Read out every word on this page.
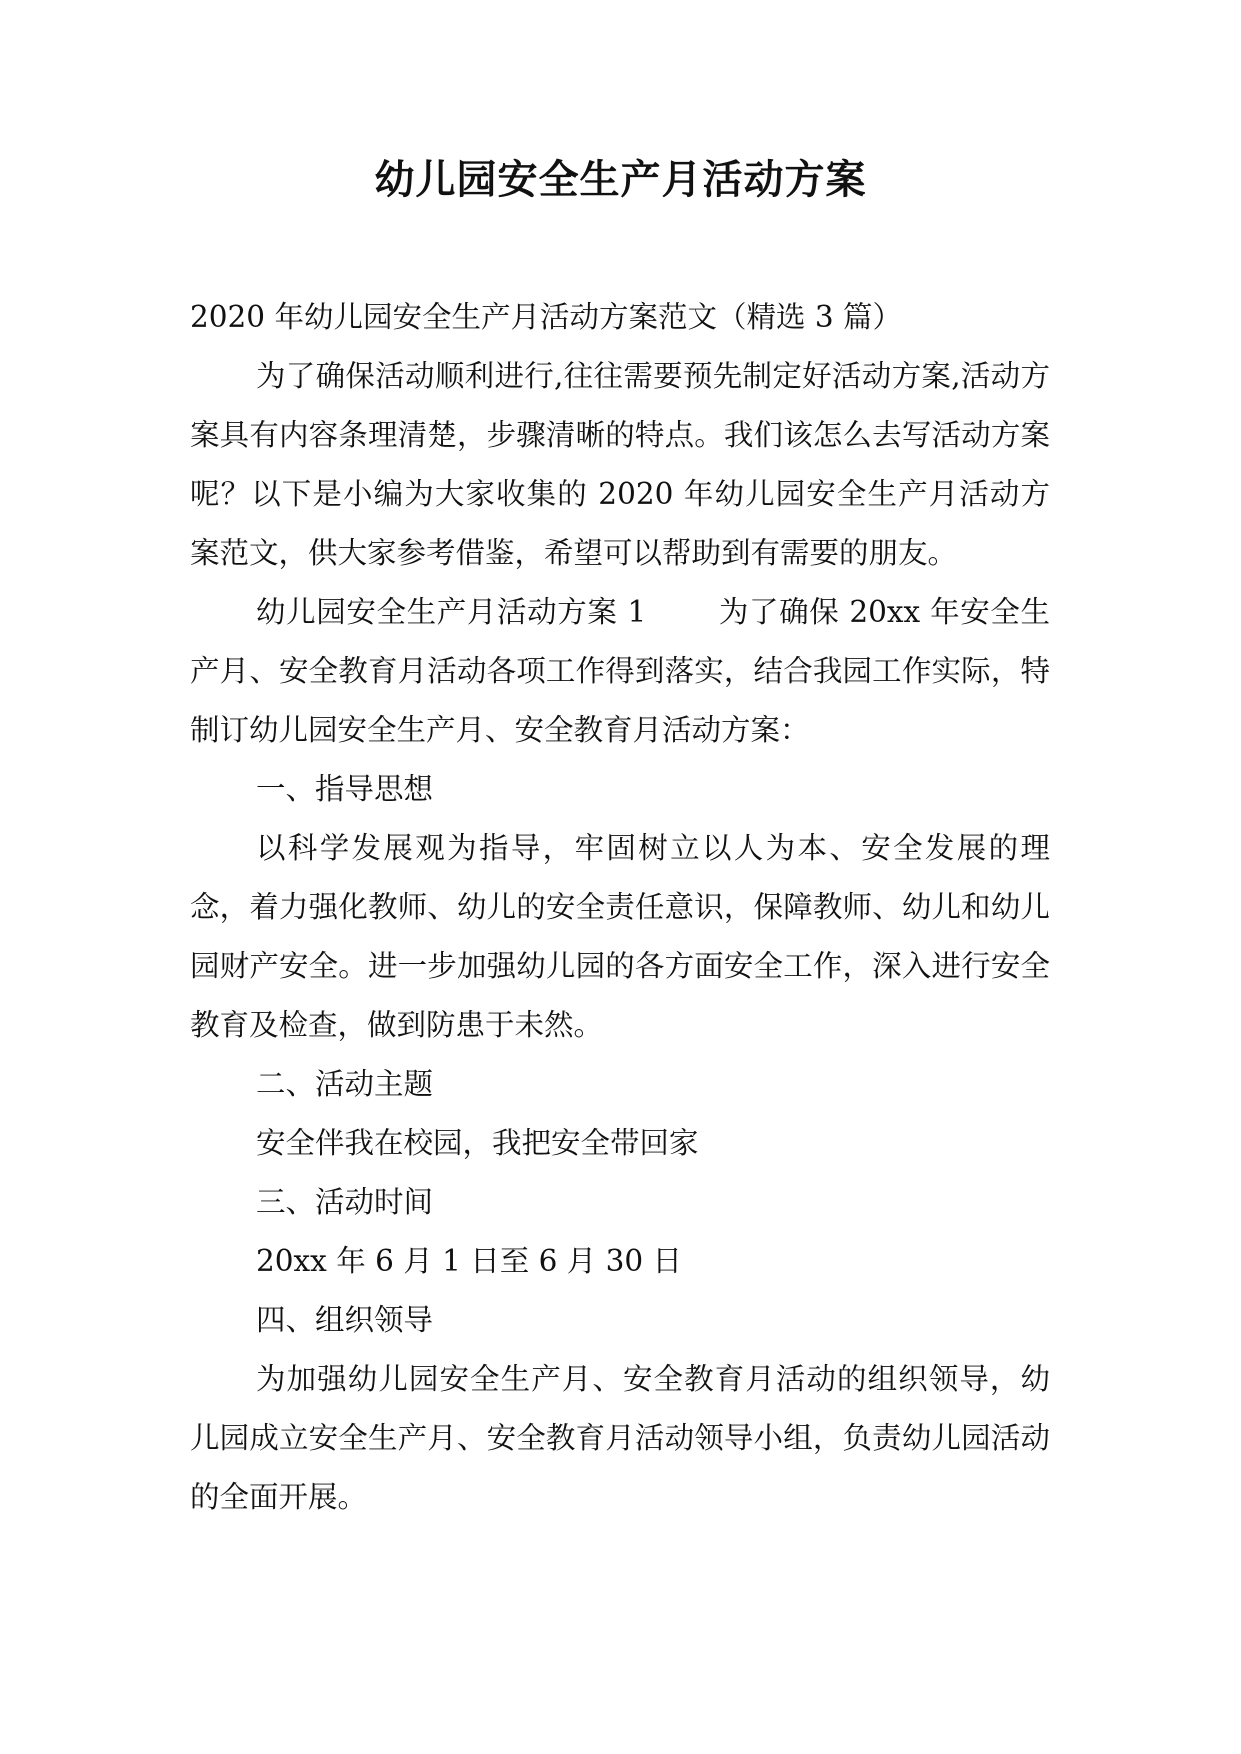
幼儿园安全生产月活动方案

2020 年幼儿园安全生产月活动方案范文（精选 3 篇）

为了确保活动顺利进行,往往需要预先制定好活动方案,活动方案具有内容条理清楚，步骤清晰的特点。我们该怎么去写活动方案呢？以下是小编为大家收集的 2020 年幼儿园安全生产月活动方案范文，供大家参考借鉴，希望可以帮助到有需要的朋友。

幼儿园安全生产月活动方案 1 为了确保 20xx 年安全生产月、安全教育月活动各项工作得到落实，结合我园工作实际，特制订幼儿园安全生产月、安全教育月活动方案：

一、指导思想

以科学发展观为指导，牢固树立以人为本、安全发展的理念，着力强化教师、幼儿的安全责任意识，保障教师、幼儿和幼儿园财产安全。进一步加强幼儿园的各方面安全工作，深入进行安全教育及检查，做到防患于未然。

二、活动主题

安全伴我在校园，我把安全带回家

三、活动时间

20xx 年 6 月 1 日至 6 月 30 日

四、组织领导

为加强幼儿园安全生产月、安全教育月活动的组织领导，幼儿园成立安全生产月、安全教育月活动领导小组，负责幼儿园活动的全面开展。
